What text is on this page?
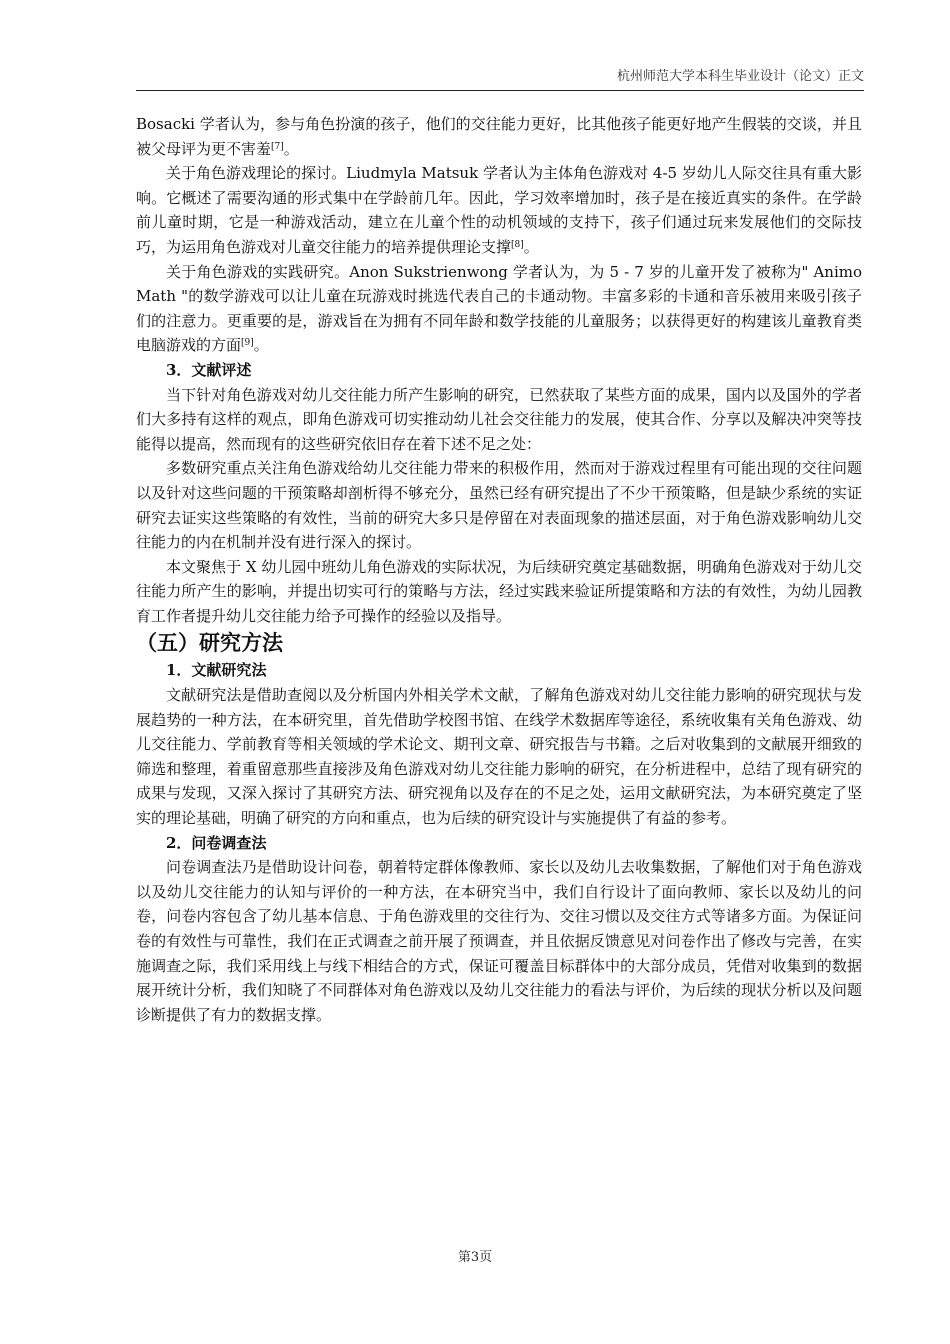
杭州师范大学本科生毕业设计（论文）正文

Bosacki 学者认为，参与角色扮演的孩子，他们的交往能力更好，比其他孩子能更好地产生假装的交谈，并且被父母评为更不害羞[7]。

关于角色游戏理论的探讨。Liudmyla Matsuk 学者认为主体角色游戏对 4-5 岁幼儿人际交往具有重大影响。它概述了需要沟通的形式集中在学龄前几年。因此，学习效率增加时，孩子是在接近真实的条件。在学龄前儿童时期，它是一种游戏活动，建立在儿童个性的动机领域的支持下，孩子们通过玩来发展他们的交际技巧，为运用角色游戏对儿童交往能力的培养提供理论支撑[8]。

关于角色游戏的实践研究。Anon Sukstrienwong 学者认为，为 5 - 7 岁的儿童开发了被称为" Animo Math "的数学游戏可以让儿童在玩游戏时挑选代表自己的卡通动物。丰富多彩的卡通和音乐被用来吸引孩子们的注意力。更重要的是，游戏旨在为拥有不同年龄和数学技能的儿童服务；以获得更好的构建该儿童教育类电脑游戏的方面[9]。

3．文献评述

当下针对角色游戏对幼儿交往能力所产生影响的研究，已然获取了某些方面的成果，国内以及国外的学者们大多持有这样的观点，即角色游戏可切实推动幼儿社会交往能力的发展，使其合作、分享以及解决冲突等技能得以提高，然而现有的这些研究依旧存在着下述不足之处：

多数研究重点关注角色游戏给幼儿交往能力带来的积极作用，然而对于游戏过程里有可能出现的交往问题以及针对这些问题的干预策略却剖析得不够充分，虽然已经有研究提出了不少干预策略，但是缺少系统的实证研究去证实这些策略的有效性，当前的研究大多只是停留在对表面现象的描述层面，对于角色游戏影响幼儿交往能力的内在机制并没有进行深入的探讨。

本文聚焦于 X 幼儿园中班幼儿角色游戏的实际状况，为后续研究奠定基础数据，明确角色游戏对于幼儿交往能力所产生的影响，并提出切实可行的策略与方法，经过实践来验证所提策略和方法的有效性，为幼儿园教育工作者提升幼儿交往能力给予可操作的经验以及指导。

（五）研究方法

1．文献研究法

文献研究法是借助查阅以及分析国内外相关学术文献，了解角色游戏对幼儿交往能力影响的研究现状与发展趋势的一种方法，在本研究里，首先借助学校图书馆、在线学术数据库等途径，系统收集有关角色游戏、幼儿交往能力、学前教育等相关领域的学术论文、期刊文章、研究报告与书籍。之后对收集到的文献展开细致的筛选和整理，着重留意那些直接涉及角色游戏对幼儿交往能力影响的研究，在分析进程中，总结了现有研究的成果与发现，又深入探讨了其研究方法、研究视角以及存在的不足之处，运用文献研究法，为本研究奠定了坚实的理论基础，明确了研究的方向和重点，也为后续的研究设计与实施提供了有益的参考。

2．问卷调查法

问卷调查法乃是借助设计问卷，朝着特定群体像教师、家长以及幼儿去收集数据，了解他们对于角色游戏以及幼儿交往能力的认知与评价的一种方法，在本研究当中，我们自行设计了面向教师、家长以及幼儿的问卷，问卷内容包含了幼儿基本信息、于角色游戏里的交往行为、交往习惯以及交往方式等诸多方面。为保证问卷的有效性与可靠性，我们在正式调查之前开展了预调查，并且依据反馈意见对问卷作出了修改与完善，在实施调查之际，我们采用线上与线下相结合的方式，保证可覆盖目标群体中的大部分成员，凭借对收集到的数据展开统计分析，我们知晓了不同群体对角色游戏以及幼儿交往能力的看法与评价，为后续的现状分析以及问题诊断提供了有力的数据支撑。

第3页
